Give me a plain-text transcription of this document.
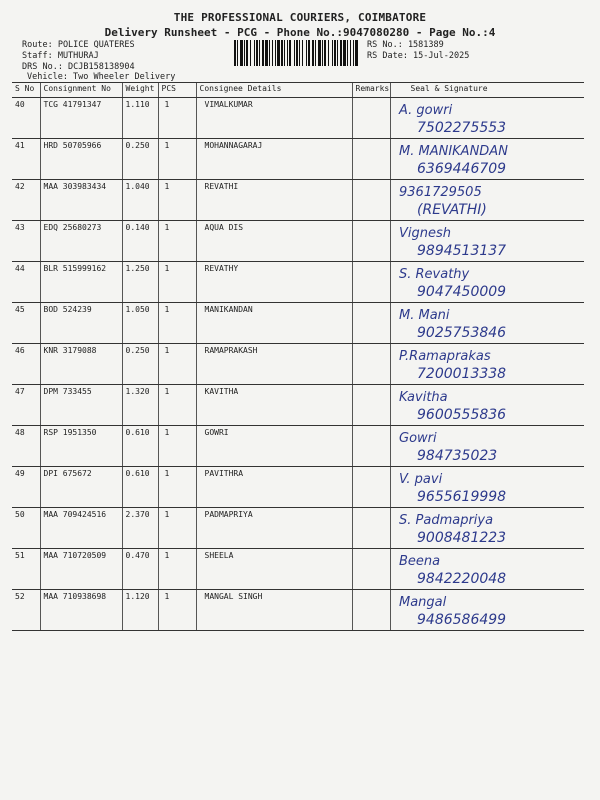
THE PROFESSIONAL COURIERS, COIMBATORE
Delivery Runsheet - PCG - Phone No.:9047080280 - Page No.:4
Route: POLICE QUATERES
Staff: MUTHURAJ
DRS No.: DCJB158138904
Vehicle: Two Wheeler Delivery
RS No.: 1581389
RS Date: 15-Jul-2025
S No	Consignment No	Weight	PCS	Consignee Details	Remarks	Seal & Signature
40	TCG 41791347	1.110	1	VIMALKUMAR		A. gowri
7502275553

41	HRD 50705966	0.250	1	MOHANNAGARAJ		M. MANIKANDAN
6369446709

42	MAA 303983434	1.040	1	REVATHI		9361729505
(REVATHI)

43	EDQ 25680273	0.140	1	AQUA DIS		Vignesh
9894513137

44	BLR 515999162	1.250	1	REVATHY		S. Revathy
9047450009

45	BOD 524239	1.050	1	MANIKANDAN		M. Mani
9025753846

46	KNR 3179088	0.250	1	RAMAPRAKASH		P.Ramaprakas
7200013338

47	DPM 733455	1.320	1	KAVITHA		Kavitha
9600555836

48	RSP 1951350	0.610	1	GOWRI		Gowri
984735023

49	DPI 675672	0.610	1	PAVITHRA		V. pavi
9655619998

50	MAA 709424516	2.370	1	PADMAPRIYA		S. Padmapriya
9008481223

51	MAA 710720509	0.470	1	SHEELA		Beena
9842220048

52	MAA 710938698	1.120	1	MANGAL SINGH		Mangal
9486586499
